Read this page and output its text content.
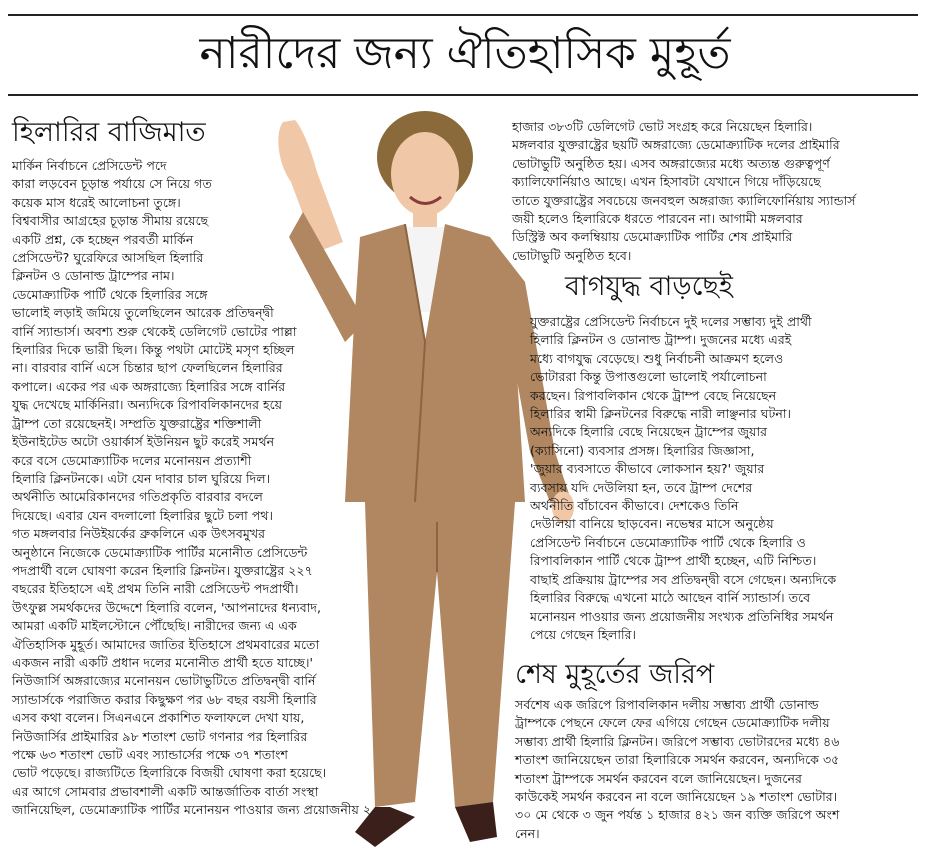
নারীদের জন্য ঐতিহাসিক মুহূর্ত
হিলারির বাজিমাত
মার্কিন নির্বাচনে প্রেসিডেন্ট পদে
কারা লড়বেন চূড়ান্ত পর্যায়ে সে নিয়ে গত
কয়েক মাস ধরেই আলোচনা তুঙ্গে।
বিশ্ববাসীর আগ্রহের চূড়ান্ত সীমায় রয়েছে
একটি প্রশ্ন, কে হচ্ছেন পরবর্তী মার্কিন
প্রেসিডেন্ট? ঘুরেফিরে আসছিল হিলারি
ক্লিনটন ও ডোনাল্ড ট্রাম্পের নাম।
ডেমোক্র্যাটিক পার্টি থেকে হিলারির সঙ্গে
ভালোই লড়াই জমিয়ে তুলেছিলেন আরেক প্রতিদ্বন্দ্বী
বার্নি স্যান্ডার্স। অবশ্য শুরু থেকেই ডেলিগেট ভোটের পাল্লা
হিলারির দিকে ভারী ছিল। কিন্তু পথটা মোটেই মসৃণ হচ্ছিল
না। বারবার বার্নি এসে চিন্তার ছাপ ফেলছিলেন হিলারির
কপালে। একের পর এক অঙ্গরাজ্যে হিলারির সঙ্গে বার্নির
যুদ্ধ দেখেছে মার্কিনিরা। অন্যদিকে রিপাবলিকানদের হয়ে
ট্রাম্প তো রয়েছেনই। সম্প্রতি যুক্তরাষ্ট্রের শক্তিশালী
ইউনাইটেড অটো ওয়ার্কার্স ইউনিয়ন ছুট করেই সমর্থন
করে বসে ডেমোক্র্যাটিক দলের মনোনয়ন প্রত্যাশী
হিলারি ক্লিনটনকে। এটা যেন দাবার চাল ঘুরিয়ে দিল।
অর্থনীতি আমেরিকানদের গতিপ্রকৃতি বারবার বদলে
দিয়েছে। এবার যেন বদলালো হিলারির ছুটে চলা পথ।
গত মঙ্গলবার নিউইয়র্কের ব্রুকলিনে এক উৎসবমুখর
অনুষ্ঠানে নিজেকে ডেমোক্র্যাটিক পার্টির মনোনীত প্রেসিডেন্ট
পদপ্রার্থী বলে ঘোষণা করেন হিলারি ক্লিনটন। যুক্তরাষ্ট্রের ২২৭
বছরের ইতিহাসে এই প্রথম তিনি নারী প্রেসিডেন্ট পদপ্রার্থী।
উৎফুল্ল সমর্থকদের উদ্দেশে হিলারি বলেন, 'আপনাদের ধন্যবাদ,
আমরা একটি মাইলস্টোনে পৌঁছেছি। নারীদের জন্য এ এক
ঐতিহাসিক মুহূর্ত। আমাদের জাতির ইতিহাসে প্রথমবারের মতো
একজন নারী একটি প্রধান দলের মনোনীত প্রার্থী হতে যাচ্ছে।'
নিউজার্সি অঙ্গরাজ্যের মনোনয়ন ভোটাভুটিতে প্রতিদ্বন্দ্বী বার্নি
স্যান্ডার্সকে পরাজিত করার কিছুক্ষণ পর ৬৮ বছর বয়সী হিলারি
এসব কথা বলেন। সিএনএনে প্রকাশিত ফলাফলে দেখা যায়,
নিউজার্সির প্রাইমারির ৯৮ শতাংশ ভোট গণনার পর হিলারির
পক্ষে ৬৩ শতাংশ ভোট এবং স্যান্ডার্সের পক্ষে ৩৭ শতাংশ
ভোট পড়েছে। রাজ্যটিতে হিলারিকে বিজয়ী ঘোষণা করা হয়েছে।
এর আগে সোমবার প্রভাবশালী একটি আন্তর্জাতিক বার্তা সংস্থা
জানিয়েছিল, ডেমোক্র্যাটিক পার্টির মনোনয়ন পাওয়ার জন্য প্রয়োজনীয় ২
হাজার ৩৮৩টি ডেলিগেট ভোট সংগ্রহ করে নিয়েছেন হিলারি।
মঙ্গলবার যুক্তরাষ্ট্রের ছয়টি অঙ্গরাজ্যে ডেমোক্র্যাটিক দলের প্রাইমারি
ভোটাভুটি অনুষ্ঠিত হয়। এসব অঙ্গরাজ্যের মধ্যে অত্যন্ত গুরুত্বপূর্ণ
ক্যালিফোর্নিয়াও আছে। এখন হিসাবটা যেখানে গিয়ে দাঁড়িয়েছে
তাতে যুক্তরাষ্ট্রের সবচেয়ে জনবহুল অঙ্গরাজ্য ক্যালিফোর্নিয়ায় স্যান্ডার্স
জয়ী হলেও হিলারিকে ধরতে পারবেন না। আগামী মঙ্গলবার
ডিস্ট্রিক্ট অব কলম্বিয়ায় ডেমোক্র্যাটিক পার্টির শেষ প্রাইমারি
ভোটাভুটি অনুষ্ঠিত হবে।
বাগযুদ্ধ বাড়ছেই
যুক্তরাষ্ট্রের প্রেসিডেন্ট নির্বাচনে দুই দলের সম্ভাব্য দুই প্রার্থী
হিলারি ক্লিনটন ও ডোনাল্ড ট্রাম্প। দুজনের মধ্যে এরই
মধ্যে বাগযুদ্ধ বেড়েছে। শুধু নির্বাচনী আক্রমণ হলেও
ভোটাররা কিন্তু উপাত্তগুলো ভালোই পর্যালোচনা
করছেন। রিপাবলিকান থেকে ট্রাম্প বেছে নিয়েছেন
হিলারির স্বামী ক্লিনটনের বিরুদ্ধে নারী লাঞ্ছনার ঘটনা।
অন্যদিকে হিলারি বেছে নিয়েছেন ট্রাম্পের জুয়ার
(ক্যাসিনো) ব্যবসার প্রসঙ্গ। হিলারির জিজ্ঞাসা,
'জুয়ার ব্যবসাতে কীভাবে লোকসান হয়?' জুয়ার
ব্যবসায় যদি দেউলিয়া হন, তবে ট্রাম্প দেশের
অর্থনীতি বাঁচাবেন কীভাবে। দেশকেও তিনি
দেউলিয়া বানিয়ে ছাড়বেন। নভেম্বর মাসে অনুষ্ঠেয়
প্রেসিডেন্ট নির্বাচনে ডেমোক্র্যাটিক পার্টি থেকে হিলারি ও
রিপাবলিকান পার্টি থেকে ট্রাম্প প্রার্থী হচ্ছেন, এটি নিশ্চিত।
বাছাই প্রক্রিয়ায় ট্রাম্পের সব প্রতিদ্বন্দ্বী বসে গেছেন। অন্যদিকে
হিলারির বিরুদ্ধে এখনো মাঠে আছেন বার্নি স্যান্ডার্স। তবে
মনোনয়ন পাওয়ার জন্য প্রয়োজনীয় সংখ্যক প্রতিনিধির সমর্থন
পেয়ে গেছেন হিলারি।
শেষ মুহূর্তের জরিপ
সর্বশেষ এক জরিপে রিপাবলিকান দলীয় সম্ভাব্য প্রার্থী ডোনাল্ড
ট্রাম্পকে পেছনে ফেলে ফের এগিয়ে গেছেন ডেমোক্র্যাটিক দলীয়
সম্ভাব্য প্রার্থী হিলারি ক্লিনটন। জরিপে সম্ভাব্য ভোটারদের মধ্যে ৪৬
শতাংশ জানিয়েছেন তারা হিলারিকে সমর্থন করবেন, অন্যদিকে ৩৫
শতাংশ ট্রাম্পকে সমর্থন করবেন বলে জানিয়েছেন। দুজনের
কাউকেই সমর্থন করবেন না বলে জানিয়েছেন ১৯ শতাংশ ভোটার।
৩০ মে থেকে ৩ জুন পর্যন্ত ১ হাজার ৪২১ জন ব্যক্তি জরিপে অংশ
নেন।
